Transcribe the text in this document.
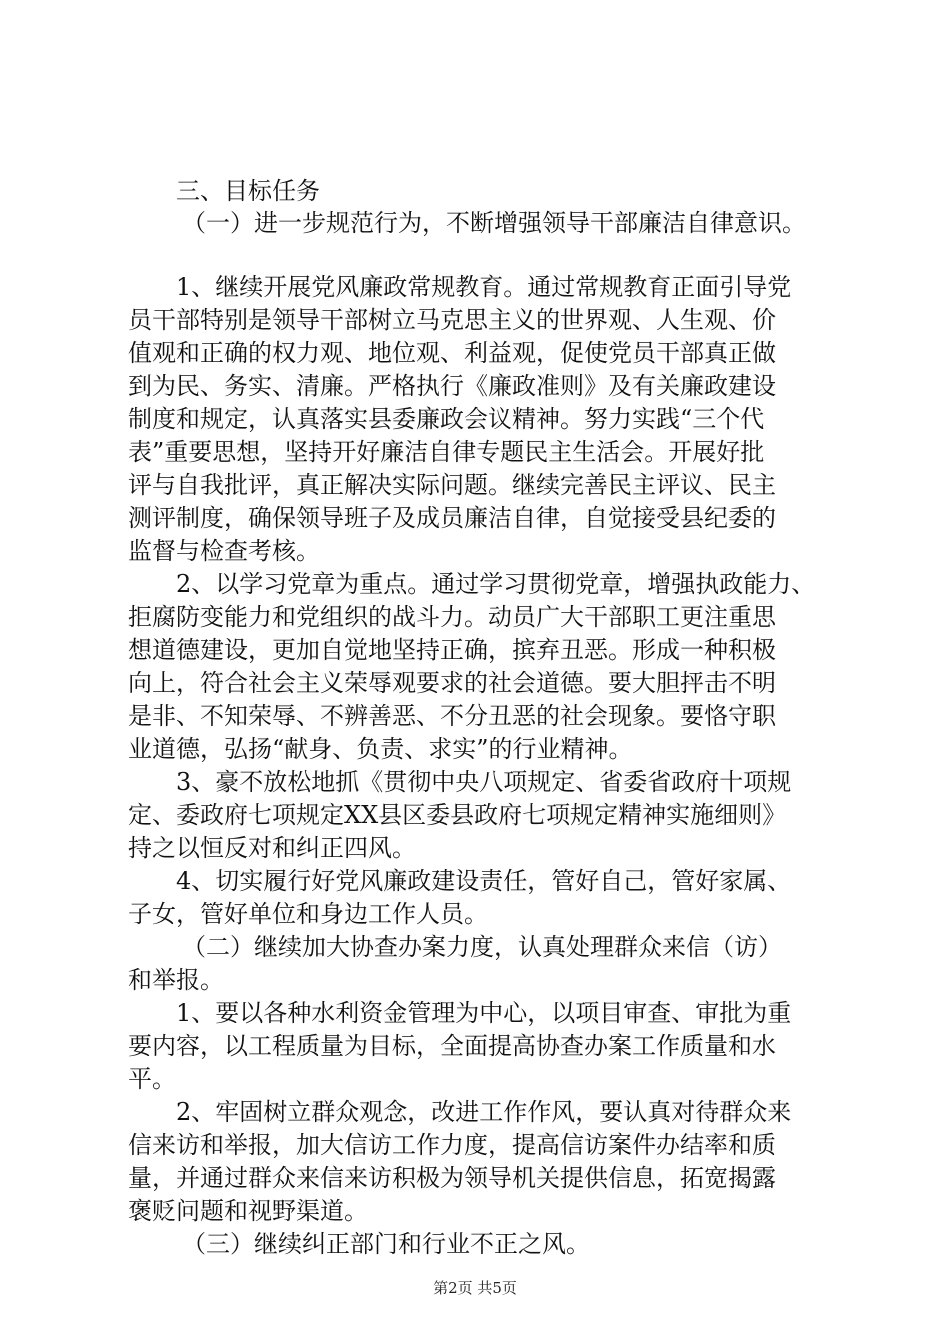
三、目标任务
（一）进一步规范行为，不断增强领导干部廉洁自律意识。
1、继续开展党风廉政常规教育。通过常规教育正面引导党
员干部特别是领导干部树立马克思主义的世界观、人生观、价
值观和正确的权力观、地位观、利益观，促使党员干部真正做
到为民、务实、清廉。严格执行《廉政准则》及有关廉政建设
制度和规定，认真落实县委廉政会议精神。努力实践“三个代
表”重要思想，坚持开好廉洁自律专题民主生活会。开展好批
评与自我批评，真正解决实际问题。继续完善民主评议、民主
测评制度，确保领导班子及成员廉洁自律，自觉接受县纪委的
监督与检查考核。
2、以学习党章为重点。通过学习贯彻党章，增强执政能力、
拒腐防变能力和党组织的战斗力。动员广大干部职工更注重思
想道德建设，更加自觉地坚持正确，摈弃丑恶。形成一种积极
向上，符合社会主义荣辱观要求的社会道德。要大胆抨击不明
是非、不知荣辱、不辨善恶、不分丑恶的社会现象。要恪守职
业道德，弘扬“献身、负责、求实”的行业精神。
3、豪不放松地抓《贯彻中央八项规定、省委省政府十项规
定、委政府七项规定XX县区委县政府七项规定精神实施细则》
持之以恒反对和纠正四风。
4、切实履行好党风廉政建设责任，管好自己，管好家属、
子女，管好单位和身边工作人员。
（二）继续加大协查办案力度，认真处理群众来信（访）
和举报。
1、要以各种水利资金管理为中心，以项目审查、审批为重
要内容，以工程质量为目标，全面提高协查办案工作质量和水
平。
2、牢固树立群众观念，改进工作作风，要认真对待群众来
信来访和举报，加大信访工作力度，提高信访案件办结率和质
量，并通过群众来信来访积极为领导机关提供信息，拓宽揭露
褒贬问题和视野渠道。
（三）继续纠正部门和行业不正之风。
第2页 共5页
